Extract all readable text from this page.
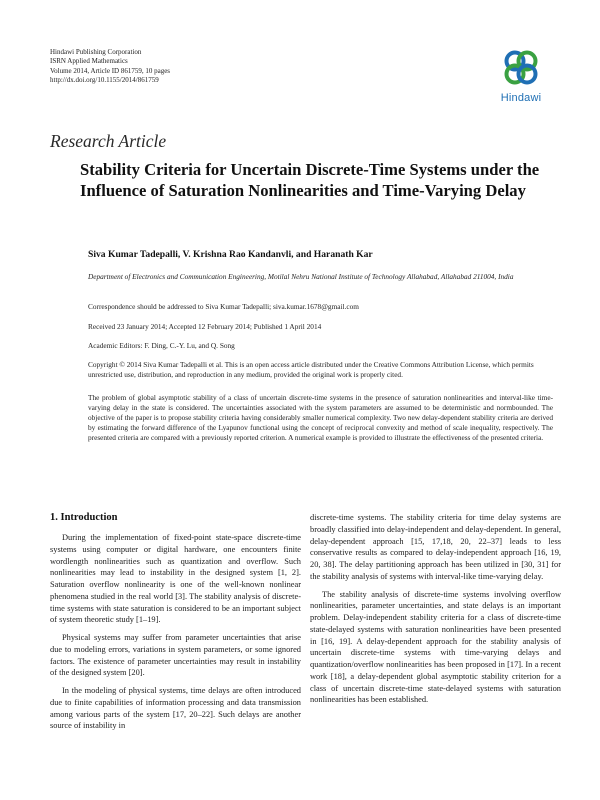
Hindawi Publishing Corporation
ISRN Applied Mathematics
Volume 2014, Article ID 861759, 10 pages
http://dx.doi.org/10.1155/2014/861759
Hindawi
Research Article
Stability Criteria for Uncertain Discrete-Time Systems under the Influence of Saturation Nonlinearities and Time-Varying Delay
Siva Kumar Tadepalli, V. Krishna Rao Kandanvli, and Haranath Kar
Department of Electronics and Communication Engineering, Motilal Nehru National Institute of Technology Allahabad, Allahabad 211004, India
Correspondence should be addressed to Siva Kumar Tadepalli; siva.kumar.1678@gmail.com
Received 23 January 2014; Accepted 12 February 2014; Published 1 April 2014
Academic Editors: F. Ding, C.-Y. Lu, and Q. Song
Copyright © 2014 Siva Kumar Tadepalli et al. This is an open access article distributed under the Creative Commons Attribution License, which permits unrestricted use, distribution, and reproduction in any medium, provided the original work is properly cited.
The problem of global asymptotic stability of a class of uncertain discrete-time systems in the presence of saturation nonlinearities and interval-like time-varying delay in the state is considered. The uncertainties associated with the system parameters are assumed to be deterministic and normbounded. The objective of the paper is to propose stability criteria having considerably smaller numerical complexity. Two new delay-dependent stability criteria are derived by estimating the forward difference of the Lyapunov functional using the concept of reciprocal convexity and method of scale inequality, respectively. The presented criteria are compared with a previously reported criterion. A numerical example is provided to illustrate the effectiveness of the presented criteria.
1. Introduction

During the implementation of fixed-point state-space discrete-time systems using computer or digital hardware, one encounters finite wordlength nonlinearities such as quantization and overflow. Such nonlinearities may lead to instability in the designed system [1, 2]. Saturation overflow nonlinearity is one of the well-known nonlinear phenomena studied in the real world [3]. The stability analysis of discrete-time systems with state saturation is considered to be an important subject of system theoretic study [1–19].

Physical systems may suffer from parameter uncertainties that arise due to modeling errors, variations in system parameters, or some ignored factors. The existence of parameter uncertainties may result in instability of the designed system [20].

In the modeling of physical systems, time delays are often introduced due to finite capabilities of information processing and data transmission among various parts of the system [17, 20–22]. Such delays are another source of instability in

discrete-time systems. The stability criteria for time delay systems are broadly classified into delay-independent and delay-dependent. In general, delay-dependent approach [15, 17,18, 20, 22–37] leads to less conservative results as compared to delay-independent approach [16, 19, 20, 38]. The delay partitioning approach has been utilized in [30, 31] for the stability analysis of systems with interval-like time-varying delay.

The stability analysis of discrete-time systems involving overflow nonlinearities, parameter uncertainties, and state delays is an important problem. Delay-independent stability criteria for a class of discrete-time state-delayed systems with saturation nonlinearities have been presented in [16, 19]. A delay-dependent approach for the stability analysis of uncertain discrete-time systems with time-varying delays and quantization/overflow nonlinearities has been proposed in [17]. In a recent work [18], a delay-dependent global asymptotic stability criterion for a class of uncertain discrete-time state-delayed systems with saturation nonlinearities has been established.
